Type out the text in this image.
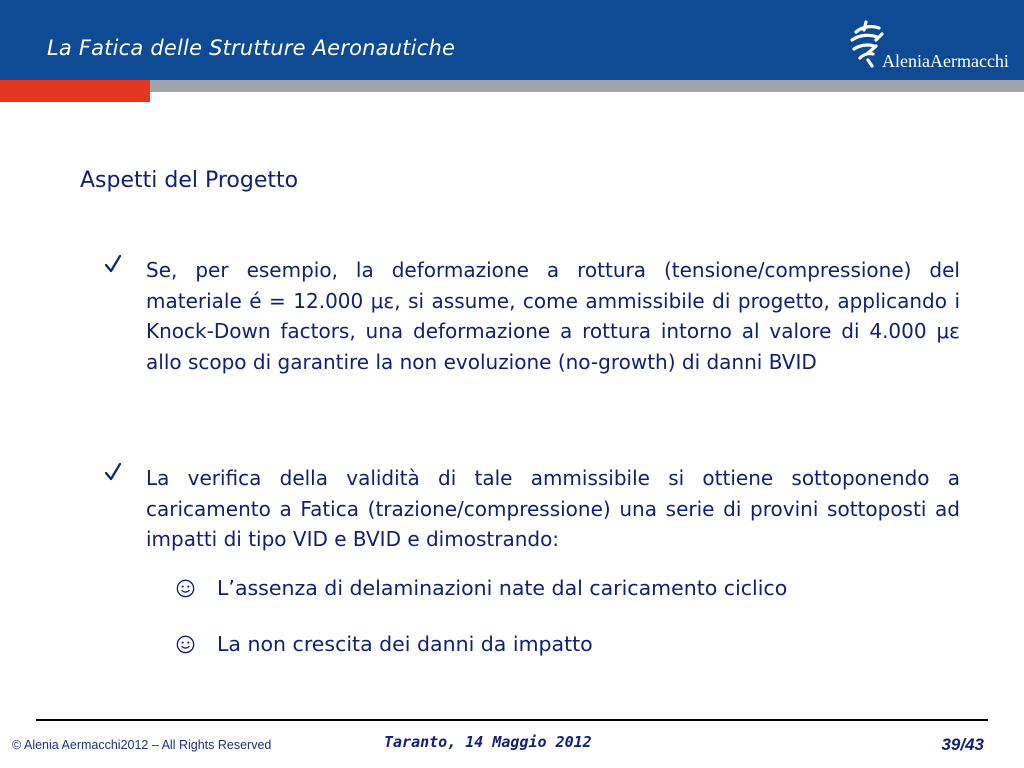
La Fatica delle Strutture Aeronautiche
AleniaAermacchi
Aspetti del Progetto
Se, per esempio, la deformazione a rottura (tensione/compressione) del materiale é = 12.000 με, si assume, come ammissibile di progetto, applicando i Knock-Down factors, una deformazione a rottura intorno al valore di 4.000 με allo scopo di garantire la non evoluzione (no-growth) di danni BVID
La verifica della validità di tale ammissibile si ottiene sottoponendo a caricamento a Fatica (trazione/compressione) una serie di provini sottoposti ad impatti di tipo VID e BVID e dimostrando:
L’assenza di delaminazioni nate dal caricamento ciclico
La non crescita dei danni da impatto
© Alenia Aermacchi2012 – All Rights Reserved	Taranto, 14 Maggio 2012	39/43
